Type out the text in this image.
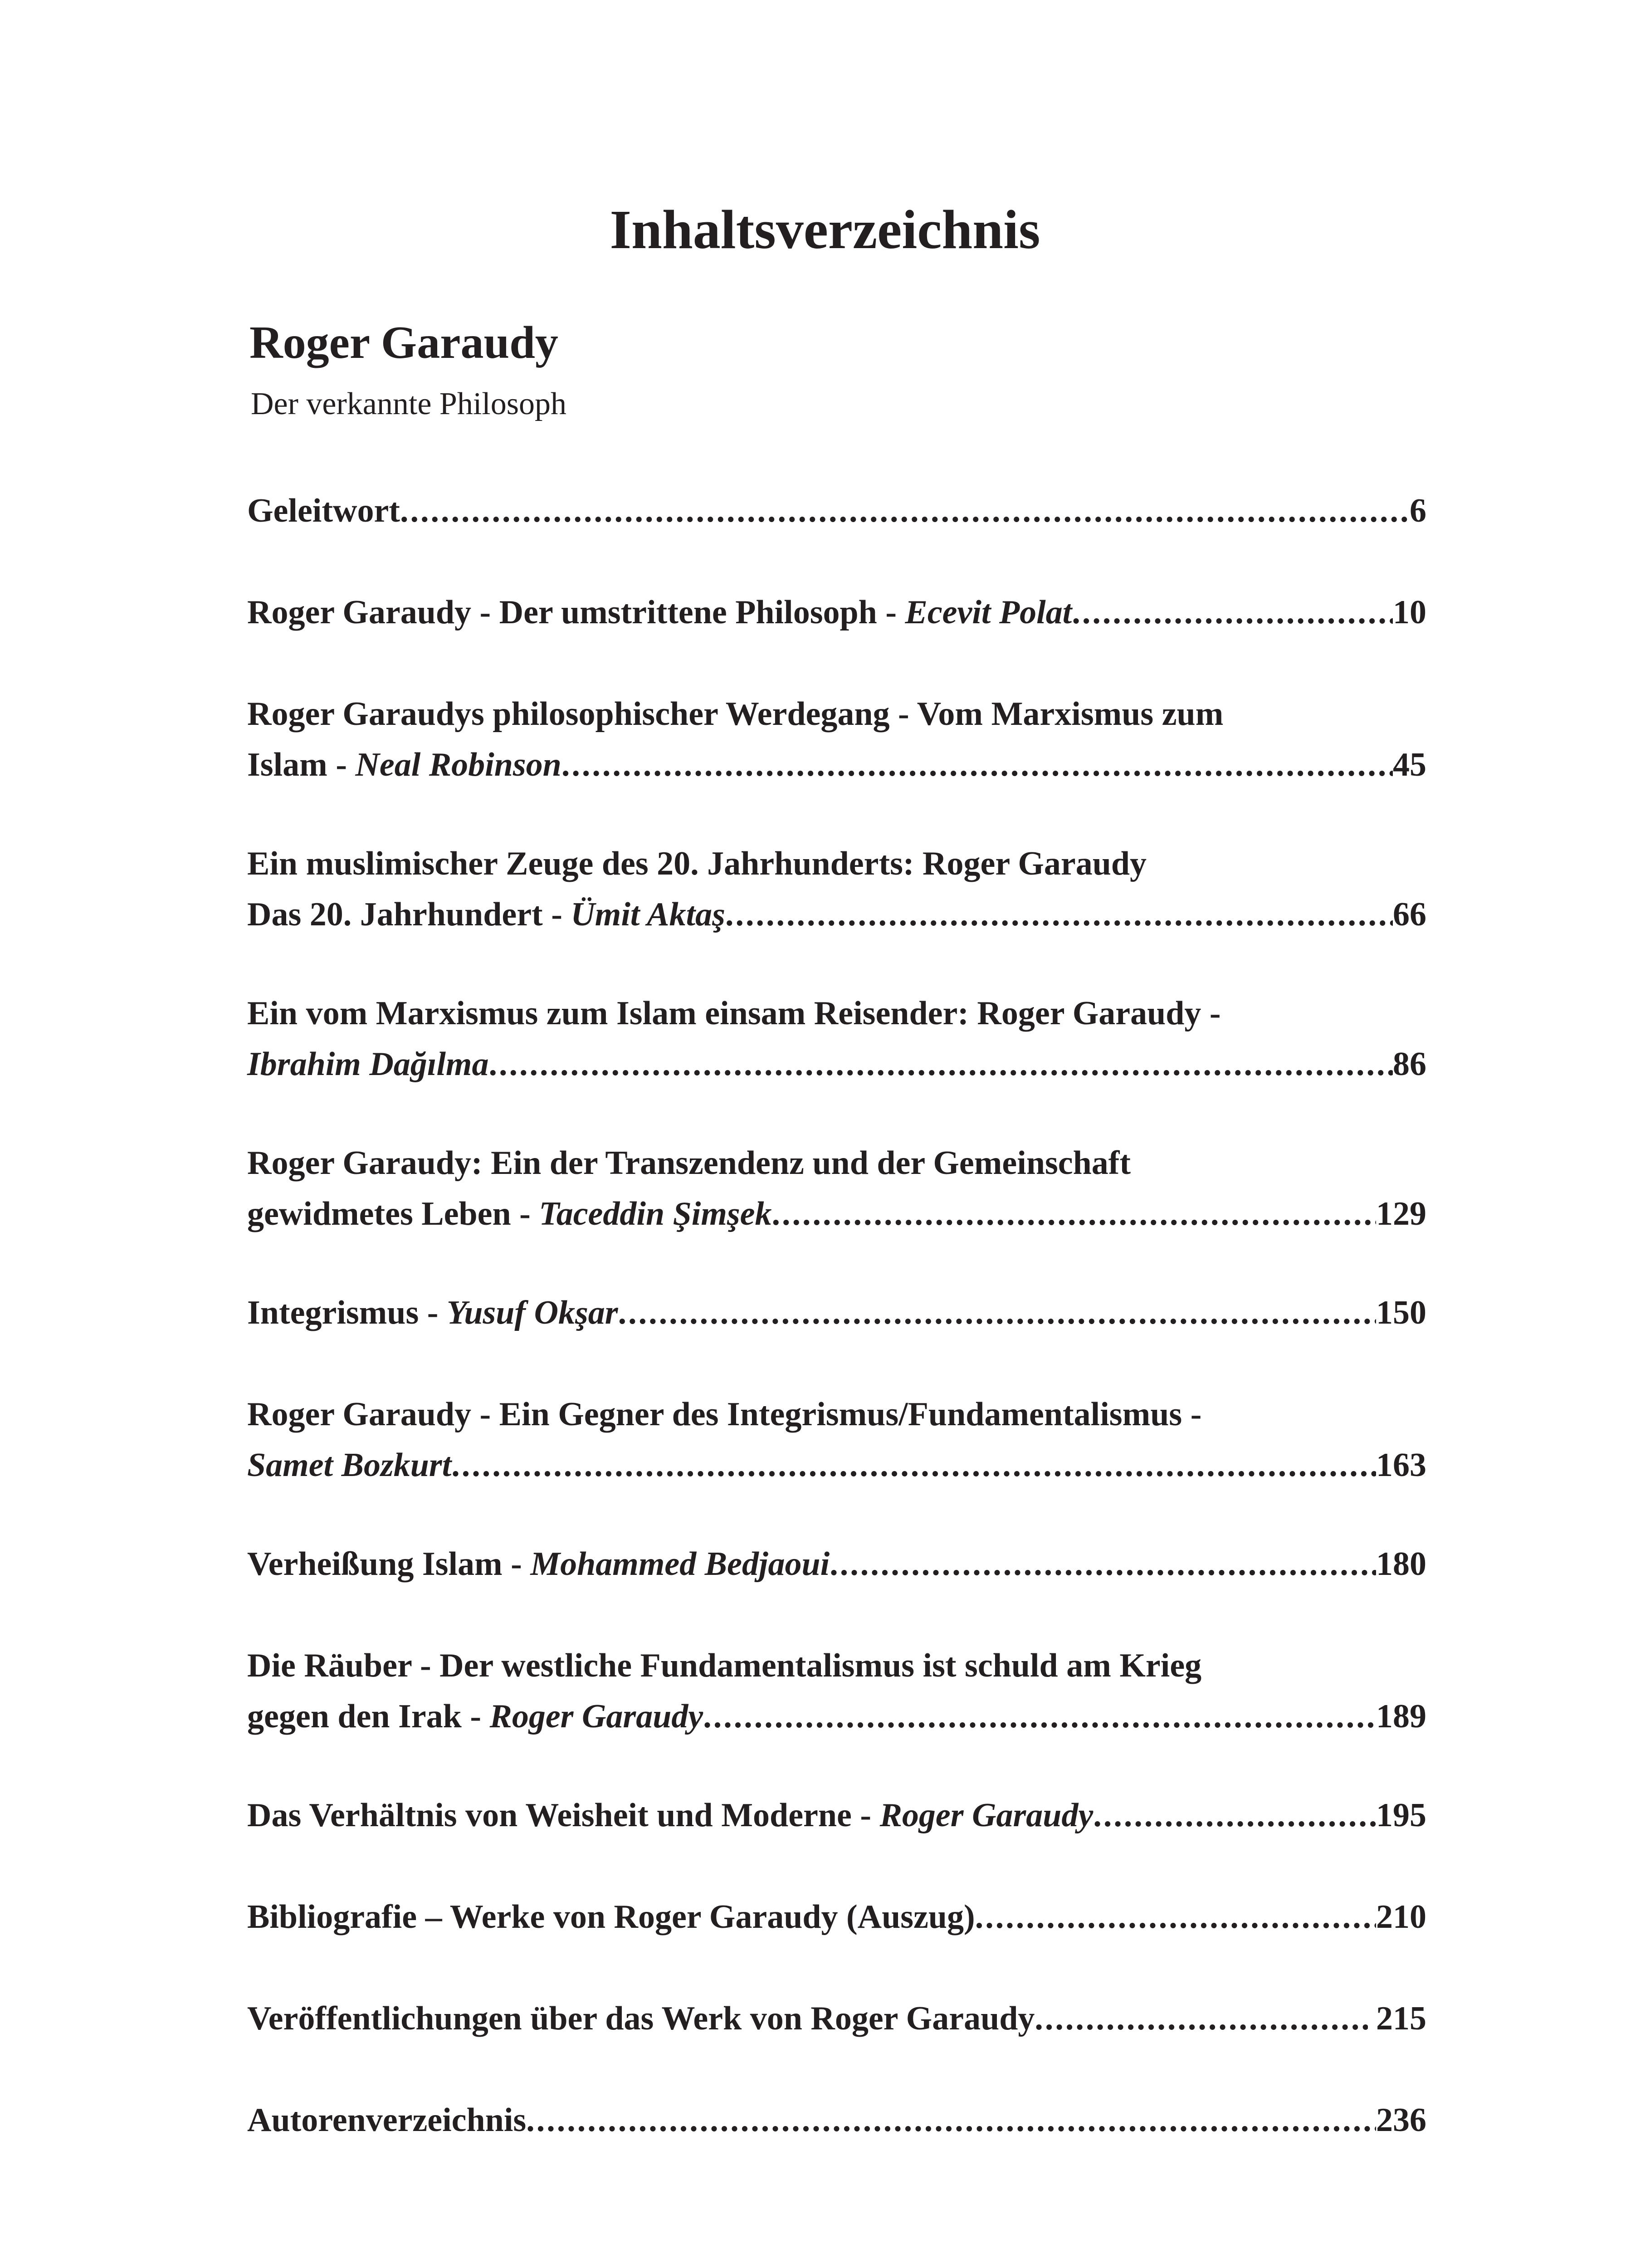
Inhaltsverzeichnis
Roger Garaudy

Der verkannte Philosoph

Geleitwort .....	6
Roger Garaudy - Der umstrittene Philosoph - Ecevit Polat .....	10
Roger Garaudys philosophischer Werdegang - Vom Marxismus zum
Islam - Neal Robinson .....	45
Ein muslimischer Zeuge des 20. Jahrhunderts: Roger Garaudy
Das 20. Jahrhundert - Ümit Aktaş .....	66
Ein vom Marxismus zum Islam einsam Reisender: Roger Garaudy -
Ibrahim Dağılma .....	86
Roger Garaudy: Ein der Transzendenz und der Gemeinschaft
gewidmetes Leben - Taceddin Şimşek .....	129
Integrismus - Yusuf Okşar .....	150
Roger Garaudy - Ein Gegner des Integrismus/Fundamentalismus -
Samet Bozkurt .....	163
Verheißung Islam - Mohammed Bedjaoui .....	180
Die Räuber - Der westliche Fundamentalismus ist schuld am Krieg
gegen den Irak - Roger Garaudy .....	189
Das Verhältnis von Weisheit und Moderne - Roger Garaudy .....	195
Bibliografie – Werke von Roger Garaudy (Auszug) .....	210
Veröffentlichungen über das Werk von Roger Garaudy .....	215
Autorenverzeichnis .....	236
